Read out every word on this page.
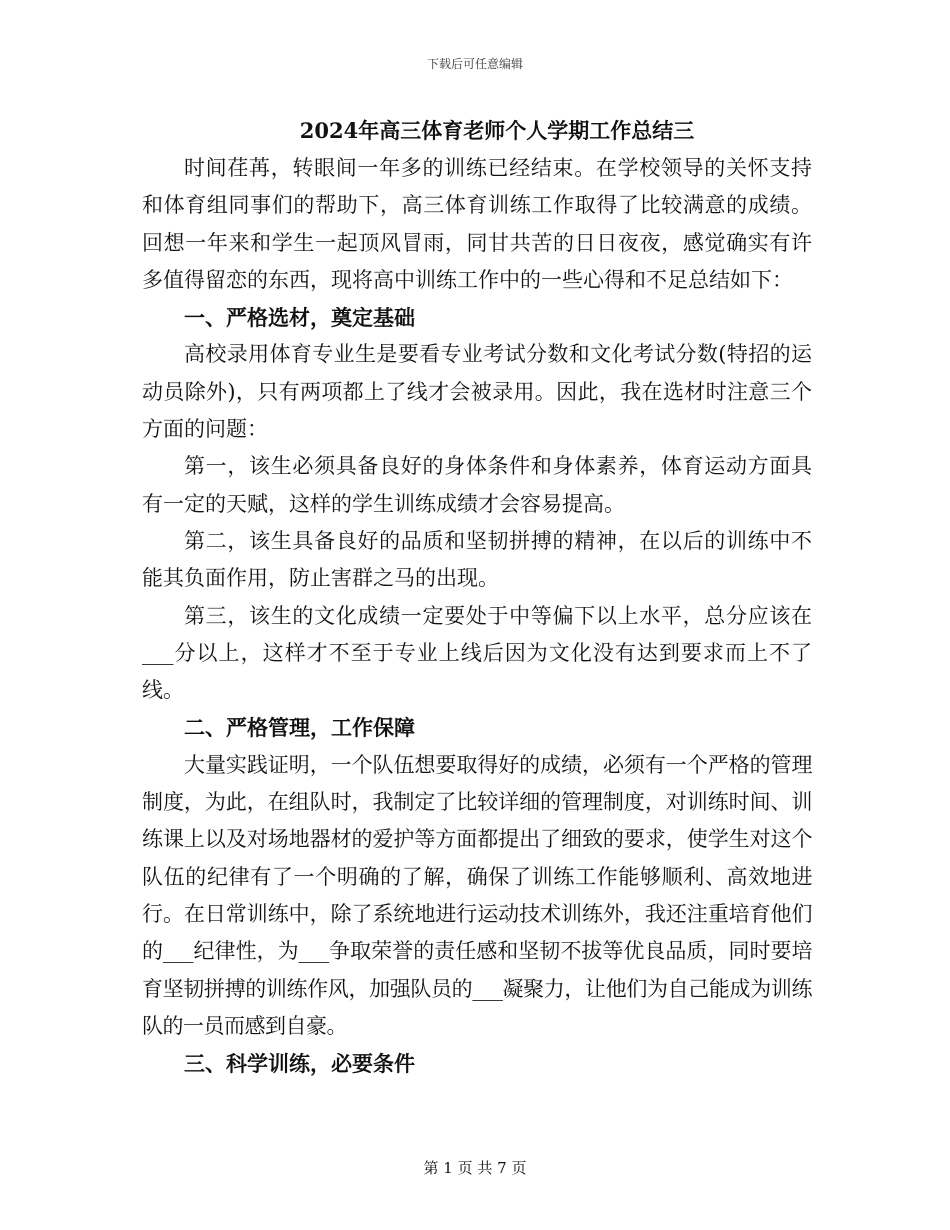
下载后可任意编辑
2024年高三体育老师个人学期工作总结三

时间荏苒，转眼间一年多的训练已经结束。在学校领导的关怀支持和体育组同事们的帮助下，高三体育训练工作取得了比较满意的成绩。回想一年来和学生一起顶风冒雨，同甘共苦的日日夜夜，感觉确实有许多值得留恋的东西，现将高中训练工作中的一些心得和不足总结如下：

一、严格选材，奠定基础

高校录用体育专业生是要看专业考试分数和文化考试分数(特招的运动员除外)，只有两项都上了线才会被录用。因此，我在选材时注意三个方面的问题：

第一，该生必须具备良好的身体条件和身体素养，体育运动方面具有一定的天赋，这样的学生训练成绩才会容易提高。

第二，该生具备良好的品质和坚韧拼搏的精神，在以后的训练中不能其负面作用，防止害群之马的出现。

第三，该生的文化成绩一定要处于中等偏下以上水平，总分应该在___分以上，这样才不至于专业上线后因为文化没有达到要求而上不了线。

二、严格管理，工作保障

大量实践证明，一个队伍想要取得好的成绩，必须有一个严格的管理制度，为此，在组队时，我制定了比较详细的管理制度，对训练时间、训练课上以及对场地器材的爱护等方面都提出了细致的要求，使学生对这个队伍的纪律有了一个明确的了解，确保了训练工作能够顺利、高效地进行。在日常训练中，除了系统地进行运动技术训练外，我还注重培育他们的___纪律性，为___争取荣誉的责任感和坚韧不拔等优良品质，同时要培育坚韧拼搏的训练作风，加强队员的___凝聚力，让他们为自己能成为训练队的一员而感到自豪。

三、科学训练，必要条件

第 1 页 共 7 页
